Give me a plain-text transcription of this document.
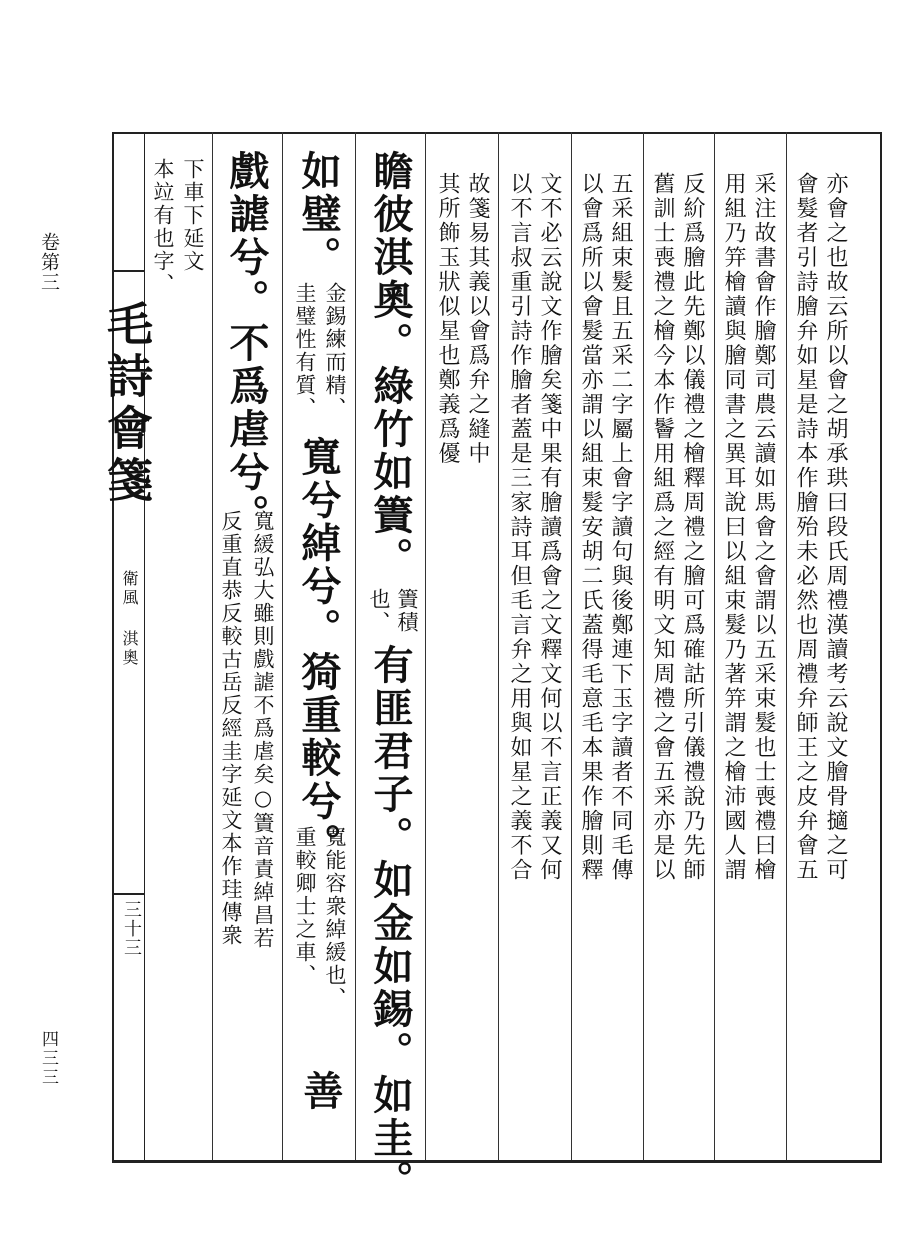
卷第三
四三三
毛詩會箋
衛風 淇奧
三十三
亦會之也故云所以會之胡承珙曰段氏周禮漢讀考云說文膾骨擿之可
會髮者引詩膾弁如星是詩本作膾殆未必然也周禮弁師王之皮弁會五
采注故書會作膾鄭司農云讀如馬會之會謂以五采束髮也士喪禮曰檜
用組乃笄檜讀與膾同書之異耳說曰以組束髮乃著笄謂之檜沛國人謂
反紒爲膾此先鄭以儀禮之檜釋周禮之膾可爲確詁所引儀禮說乃先師
舊訓士喪禮之檜今本作鬠用組爲之經有明文知周禮之會五采亦是以
五采組束髮且五采二字屬上會字讀句與後鄭連下玉字讀者不同毛傳
以會爲所以會髮當亦謂以組束髮安胡二氏蓋得毛意毛本果作膾則釋
文不必云說文作膾矣箋中果有膾讀爲會之文釋文何以不言正義又何
以不言叔重引詩作膾者蓋是三家詩耳但毛言弁之用與如星之義不合
故箋易其義以會爲弁之縫中
其所飾玉狀似星也鄭義爲優
瞻彼淇奧。綠竹如簀。
簀積
也、
有匪君子。如金如錫。如圭。
如璧。
金錫練而精、
圭璧性有質、
寬兮綽兮。猗重較兮。
寬能容衆綽緩也、
重較卿士之車、
善
戲謔兮。不爲虐兮。
寬緩弘大雖則戲謔不爲虐矣○簀音責綽昌若
反重直恭反較古岳反經圭字延文本作珪傳衆
下車下延文
本竝有也字、
